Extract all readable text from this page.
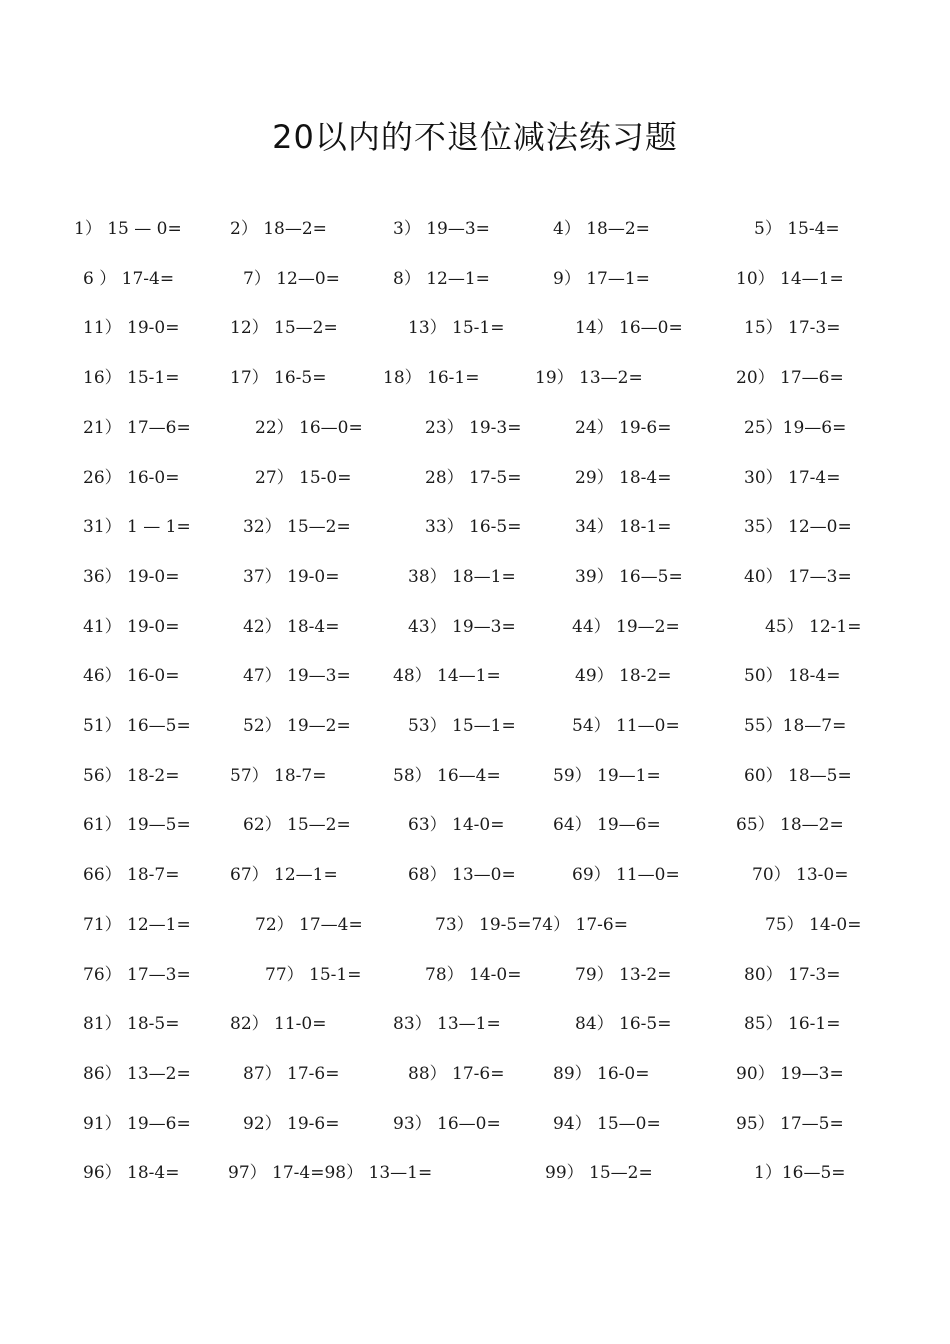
20以内的不退位减法练习题
1） 15 — 0=	2） 18—2=	3） 19—3=	4） 18—2=	5） 15-4=
6 ） 17-4=	7） 12—0=	8） 12—1=	9） 17—1=	10） 14—1=
11） 19-0=	12） 15—2=	13） 15-1=	14） 16—0=	15） 17-3=
16） 15-1=	17） 16-5=	18） 16-1=	19） 13—2=	20） 17—6=
21） 17—6=	22） 16—0=	23） 19-3=	24） 19-6=	25）19—6=
26） 16-0=	27） 15-0=	28） 17-5=	29） 18-4=	30） 17-4=
31） 1 — 1=	32） 15—2=	33） 16-5=	34） 18-1=	35） 12—0=
36） 19-0=	37） 19-0=	38） 18—1=	39） 16—5=	40） 17—3=
41） 19-0=	42） 18-4=	43） 19—3=	44） 19—2=	45） 12-1=
46） 16-0=	47） 19—3= 48） 14—1=	49） 18-2=	50） 18-4=
51） 16—5=	52） 19—2=	53） 15—1=	54） 11—0=	55）18—7=
56） 18-2=	57） 18-7=	58） 16—4=	59） 19—1=	60） 18—5=
61） 19—5=	62） 15—2=	63） 14-0=	64） 19—6=	65） 18—2=
66） 18-7=	67） 12—1=	68） 13—0=	69） 11—0=	70） 13-0=
71） 12—1=	72） 17—4=	73） 19-5=74） 17-6=	75） 14-0=
76） 17—3=	77） 15-1=	78） 14-0=	79） 13-2=	80） 17-3=
81） 18-5=	82） 11-0=	83） 13—1=	84） 16-5=	85） 16-1=
86） 13—2=	87） 17-6=	88） 17-6=	89） 16-0=	90） 19—3=
91） 19—6=	92） 19-6=	93） 16—0=	94） 15—0=	95） 17—5=
96） 18-4=	97） 17-4=98） 13—1=	99） 15—2=	1）16—5=
